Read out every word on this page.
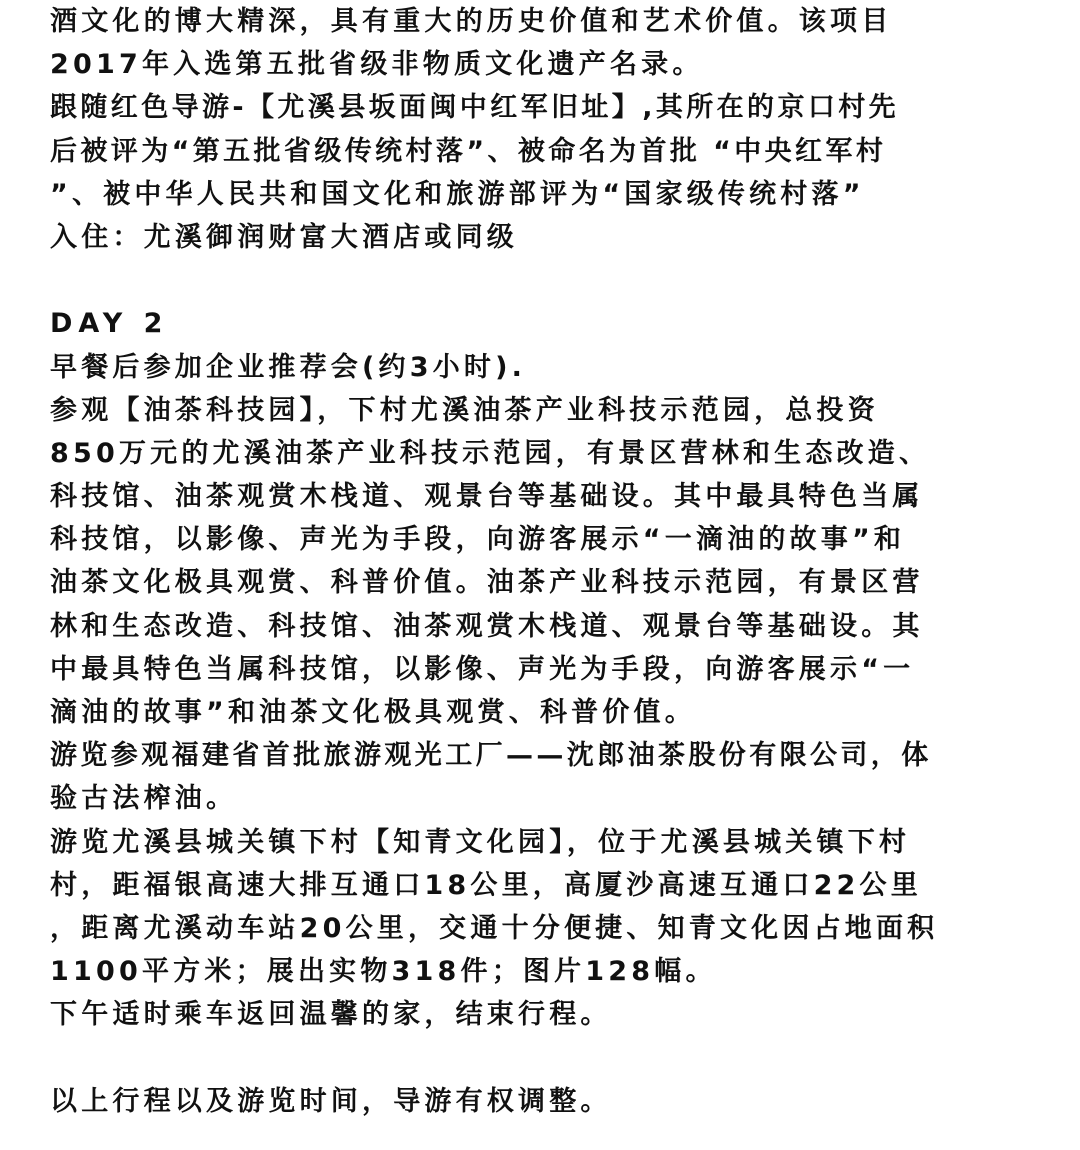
酒文化的博大精深，具有重大的历史价值和艺术价值。该项目
2017年入选第五批省级非物质文化遗产名录。
跟随红色导游-【尤溪县坂面闽中红军旧址】,其所在的京口村先
后被评为“第五批省级传统村落”、被命名为首批 “中央红军村
”、被中华人民共和国文化和旅游部评为“国家级传统村落”
入住：尤溪御润财富大酒店或同级
DAY 2
早餐后参加企业推荐会(约3小时).
参观【油茶科技园】，下村尤溪油茶产业科技示范园，总投资
850万元的尤溪油茶产业科技示范园，有景区营林和生态改造、
科技馆、油茶观赏木栈道、观景台等基础设。其中最具特色当属
科技馆，以影像、声光为手段，向游客展示“一滴油的故事”和
油茶文化极具观赏、科普价值。油茶产业科技示范园，有景区营
林和生态改造、科技馆、油茶观赏木栈道、观景台等基础设。其
中最具特色当属科技馆，以影像、声光为手段，向游客展示“一
滴油的故事”和油茶文化极具观赏、科普价值。
游览参观福建省首批旅游观光工厂——沈郎油茶股份有限公司，体
验古法榨油。
游览尤溪县城关镇下村【知青文化园】，位于尤溪县城关镇下村
村，距福银高速大排互通口18公里，高厦沙高速互通口22公里
，距离尤溪动车站20公里，交通十分便捷、知青文化因占地面积
1100平方米；展出实物318件；图片128幅。
下午适时乘车返回温馨的家，结束行程。
以上行程以及游览时间，导游有权调整。
